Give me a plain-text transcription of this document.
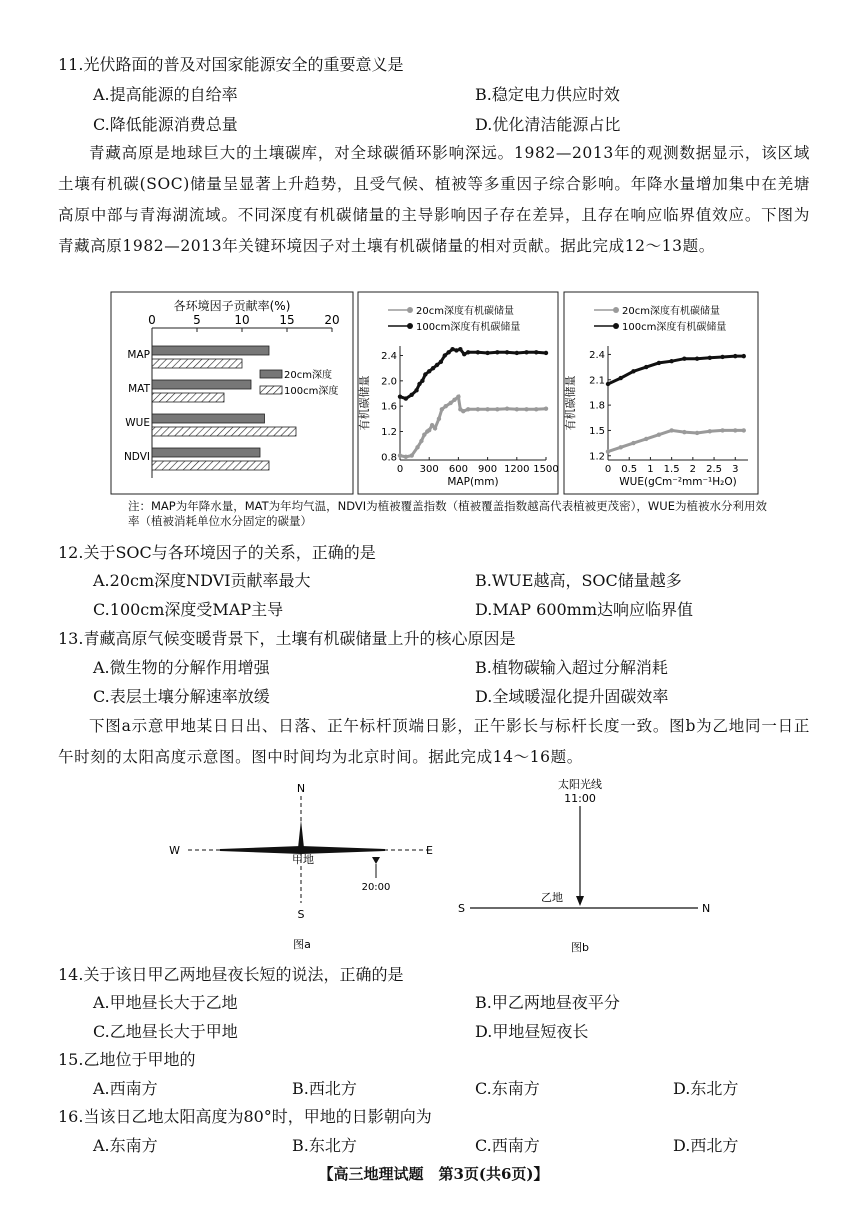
11.光伏路面的普及对国家能源安全的重要意义是
A.提高能源的自给率	B.稳定电力供应时效
C.降低能源消费总量	D.优化清洁能源占比
青藏高原是地球巨大的土壤碳库，对全球碳循环影响深远。1982—2013年的观测数据显示，该区域土壤有机碳(SOC)储量呈显著上升趋势，且受气候、植被等多重因子综合影响。年降水量增加集中在羌塘高原中部与青海湖流域。不同深度有机碳储量的主导影响因子存在差异，且存在响应临界值效应。下图为青藏高原1982—2013年关键环境因子对土壤有机碳储量的相对贡献。据此完成12～13题。
各环境因子贡献率(%)
0	5	10 15 20
MAP
MAT
WUE
NDVI
20cm深度
100cm深度
0 300 600 900 1200 1500
0.8
1.2
1.6
2.0
2.4
MAP(mm)
有机碳储量
20cm深度有机碳储量
100cm深度有机碳储量
0 0.5 1 1.5 2 2.5 3
1.2
1.5
1.8
2.1
2.4
WUE(gCm⁻²mm⁻¹H₂O)
有机碳储量
20cm深度有机碳储量
100cm深度有机碳储量
注：MAP为年降水量，MAT为年均气温，NDVI为植被覆盖指数（植被覆盖指数越高代表植被更茂密），WUE为植被水分利用效率（植被消耗单位水分固定的碳量）
12.关于SOC与各环境因子的关系，正确的是
A.20cm深度NDVI贡献率最大	B.WUE越高，SOC储量越多
C.100cm深度受MAP主导	D.MAP 600mm达响应临界值
13.青藏高原气候变暖背景下，土壤有机碳储量上升的核心原因是
A.微生物的分解作用增强	B.植物碳输入超过分解消耗
C.表层土壤分解速率放缓	D.全域暖湿化提升固碳效率
下图a示意甲地某日日出、日落、正午标杆顶端日影，正午影长与标杆长度一致。图b为乙地同一日正午时刻的太阳高度示意图。图中时间均为北京时间。据此完成14～16题。
N
S
W	E
甲地
20:00
图a
太阳光线
11:00
S	N
乙地
图b
14.关于该日甲乙两地昼夜长短的说法，正确的是
A.甲地昼长大于乙地	B.甲乙两地昼夜平分
C.乙地昼长大于甲地	D.甲地昼短夜长
15.乙地位于甲地的
A.西南方	B.西北方	C.东南方	D.东北方
16.当该日乙地太阳高度为80°时，甲地的日影朝向为
A.东南方	B.东北方	C.西南方	D.西北方
【高三地理试题　第3页(共6页)】
